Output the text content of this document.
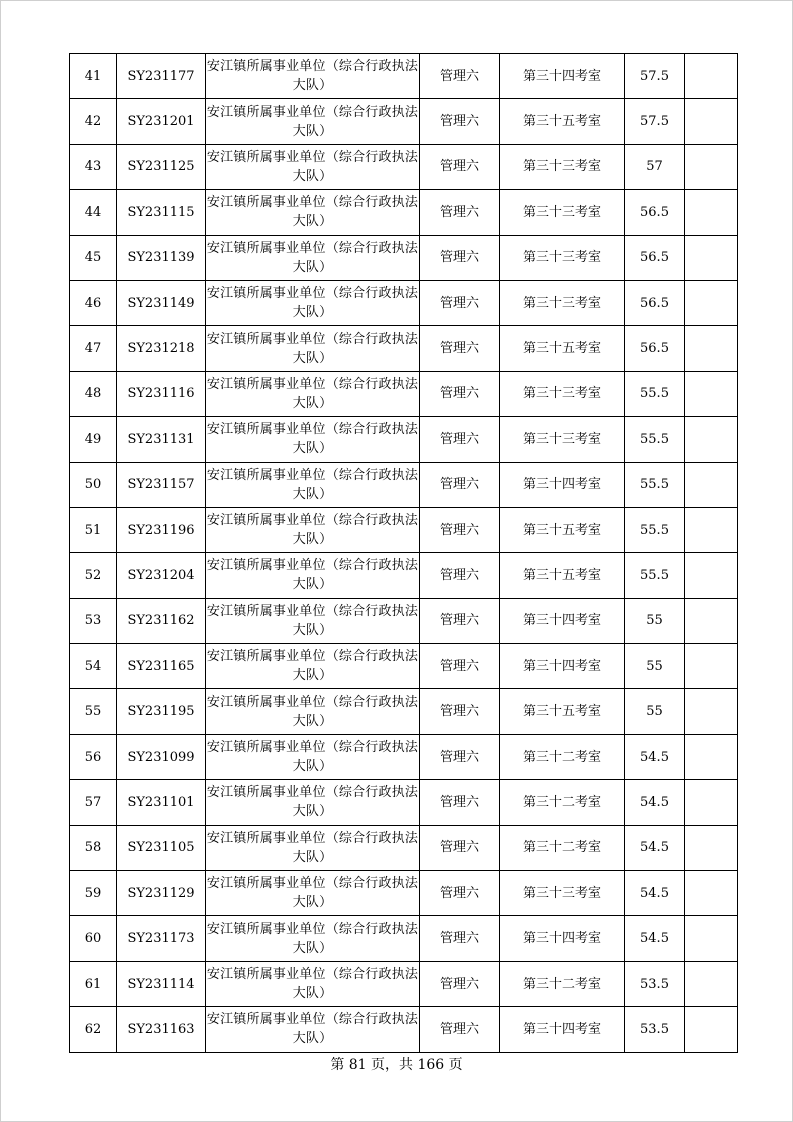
41	SY231177	安江镇所属事业单位（综合行政执法大队）	管理六	第三十四考室	57.5	
42	SY231201	安江镇所属事业单位（综合行政执法大队）	管理六	第三十五考室	57.5	
43	SY231125	安江镇所属事业单位（综合行政执法大队）	管理六	第三十三考室	57	
44	SY231115	安江镇所属事业单位（综合行政执法大队）	管理六	第三十三考室	56.5	
45	SY231139	安江镇所属事业单位（综合行政执法大队）	管理六	第三十三考室	56.5	
46	SY231149	安江镇所属事业单位（综合行政执法大队）	管理六	第三十三考室	56.5	
47	SY231218	安江镇所属事业单位（综合行政执法大队）	管理六	第三十五考室	56.5	
48	SY231116	安江镇所属事业单位（综合行政执法大队）	管理六	第三十三考室	55.5	
49	SY231131	安江镇所属事业单位（综合行政执法大队）	管理六	第三十三考室	55.5	
50	SY231157	安江镇所属事业单位（综合行政执法大队）	管理六	第三十四考室	55.5	
51	SY231196	安江镇所属事业单位（综合行政执法大队）	管理六	第三十五考室	55.5	
52	SY231204	安江镇所属事业单位（综合行政执法大队）	管理六	第三十五考室	55.5	
53	SY231162	安江镇所属事业单位（综合行政执法大队）	管理六	第三十四考室	55	
54	SY231165	安江镇所属事业单位（综合行政执法大队）	管理六	第三十四考室	55	
55	SY231195	安江镇所属事业单位（综合行政执法大队）	管理六	第三十五考室	55	
56	SY231099	安江镇所属事业单位（综合行政执法大队）	管理六	第三十二考室	54.5	
57	SY231101	安江镇所属事业单位（综合行政执法大队）	管理六	第三十二考室	54.5	
58	SY231105	安江镇所属事业单位（综合行政执法大队）	管理六	第三十二考室	54.5	
59	SY231129	安江镇所属事业单位（综合行政执法大队）	管理六	第三十三考室	54.5	
60	SY231173	安江镇所属事业单位（综合行政执法大队）	管理六	第三十四考室	54.5	
61	SY231114	安江镇所属事业单位（综合行政执法大队）	管理六	第三十二考室	53.5	
62	SY231163	安江镇所属事业单位（综合行政执法大队）	管理六	第三十四考室	53.5	
第 81 页，共 166 页
